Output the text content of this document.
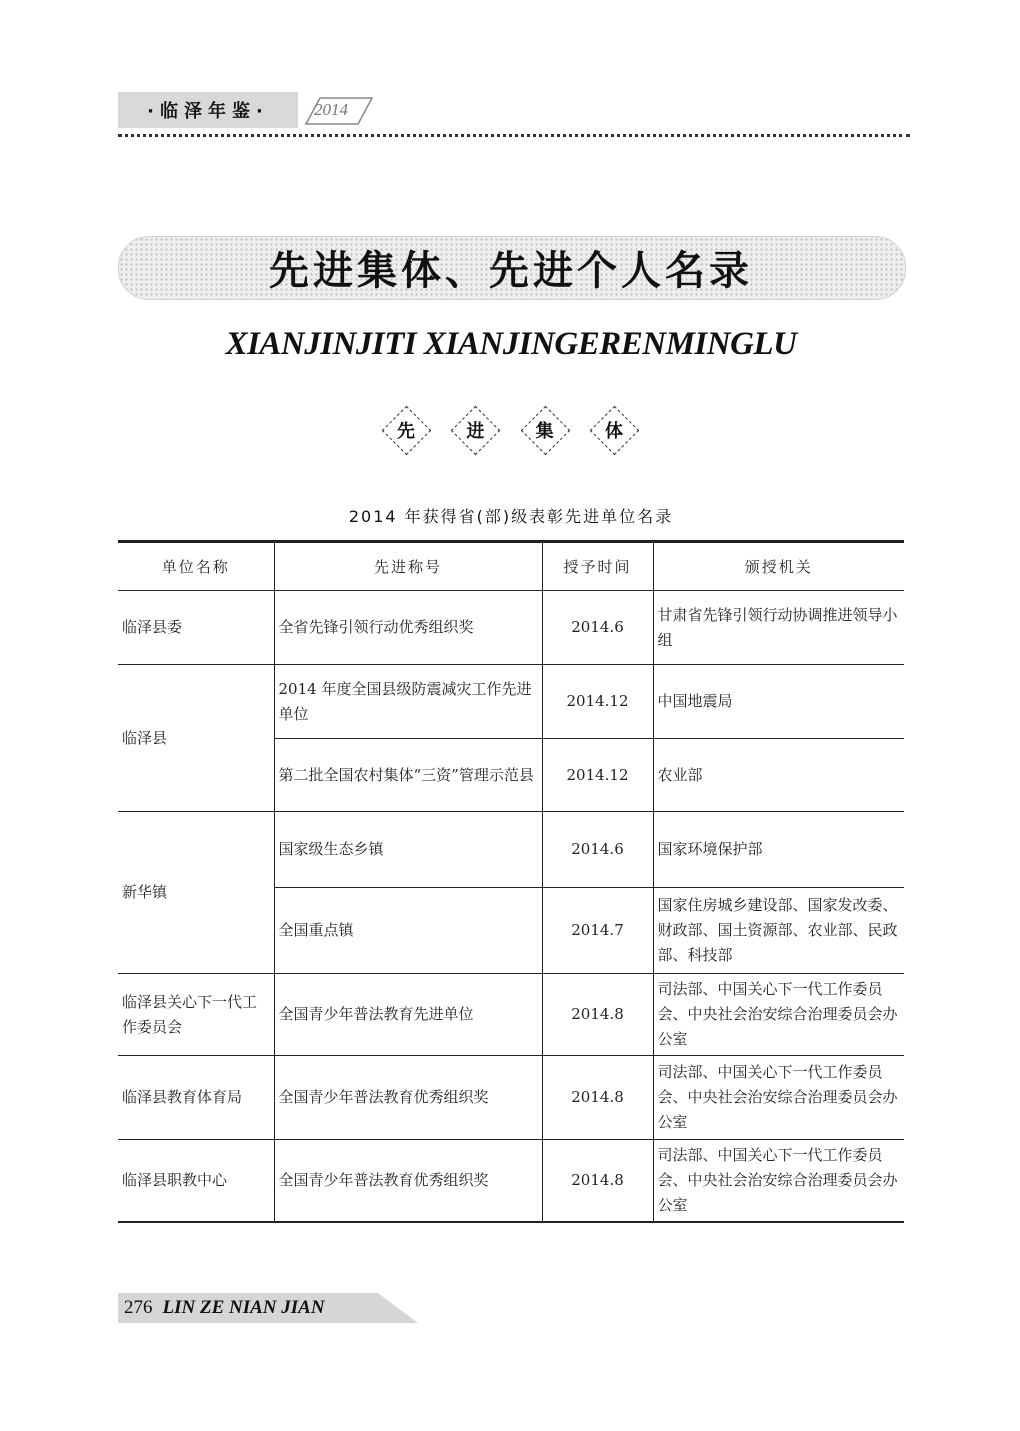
·临泽年鉴·	2014
先进集体、先进个人名录
XIANJINJITI XIANJINGERENMINGLU
先	进	集	体
2014 年获得省(部)级表彰先进单位名录
单位名称	先进称号	授予时间	颁授机关
临泽县委	全省先锋引领行动优秀组织奖	2014.6	甘肃省先锋引领行动协调推进领导小组
临泽县	2014 年度全国县级防震减灾工作先进单位	2014.12	中国地震局
	第二批全国农村集体“三资”管理示范县	2014.12	农业部
新华镇	国家级生态乡镇	2014.6	国家环境保护部
	全国重点镇	2014.7	国家住房城乡建设部、国家发改委、财政部、国土资源部、农业部、民政部、科技部
临泽县关心下一代工作委员会	全国青少年普法教育先进单位	2014.8	司法部、中国关心下一代工作委员会、中央社会治安综合治理委员会办公室
临泽县教育体育局	全国青少年普法教育优秀组织奖	2014.8	司法部、中国关心下一代工作委员会、中央社会治安综合治理委员会办公室
临泽县职教中心	全国青少年普法教育优秀组织奖	2014.8	司法部、中国关心下一代工作委员会、中央社会治安综合治理委员会办公室
276 LIN ZE NIAN JIAN
